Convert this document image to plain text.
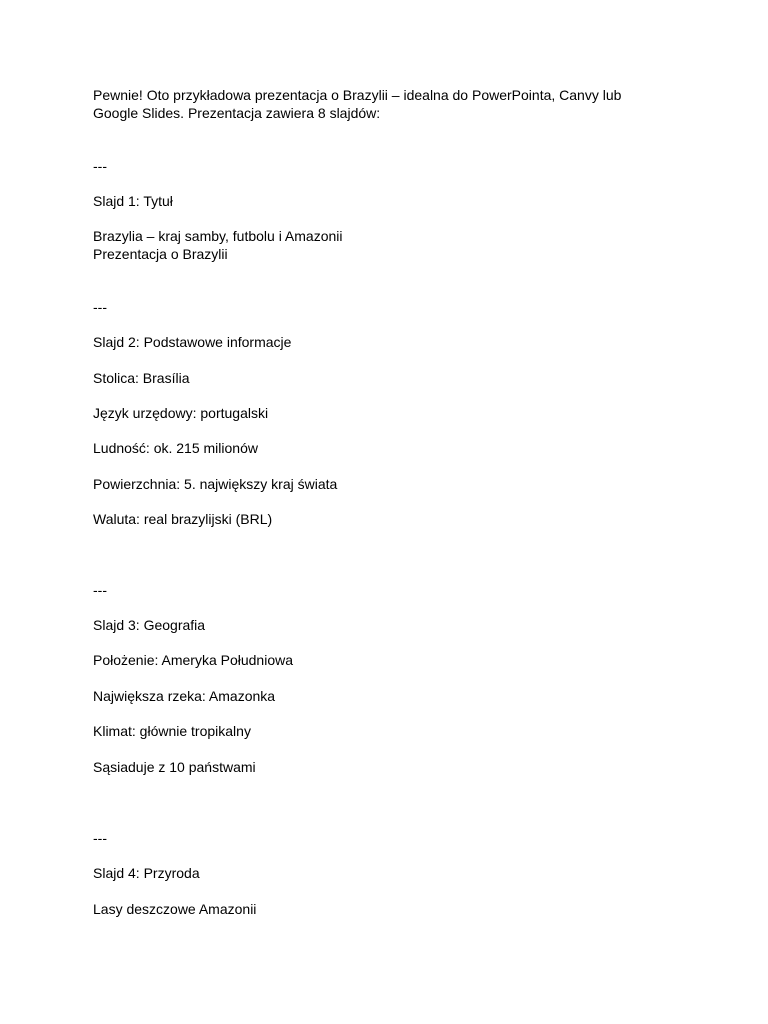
Pewnie! Oto przykładowa prezentacja o Brazylii – idealna do PowerPointa, Canvy lub

Google Slides. Prezentacja zawiera 8 slajdów:

---

Slajd 1: Tytuł

Brazylia – kraj samby, futbolu i Amazonii

Prezentacja o Brazylii

---

Slajd 2: Podstawowe informacje

Stolica: Brasília

Język urzędowy: portugalski

Ludność: ok. 215 milionów

Powierzchnia: 5. największy kraj świata

Waluta: real brazylijski (BRL)

---

Slajd 3: Geografia

Położenie: Ameryka Południowa

Największa rzeka: Amazonka

Klimat: głównie tropikalny

Sąsiaduje z 10 państwami

---

Slajd 4: Przyroda

Lasy deszczowe Amazonii
